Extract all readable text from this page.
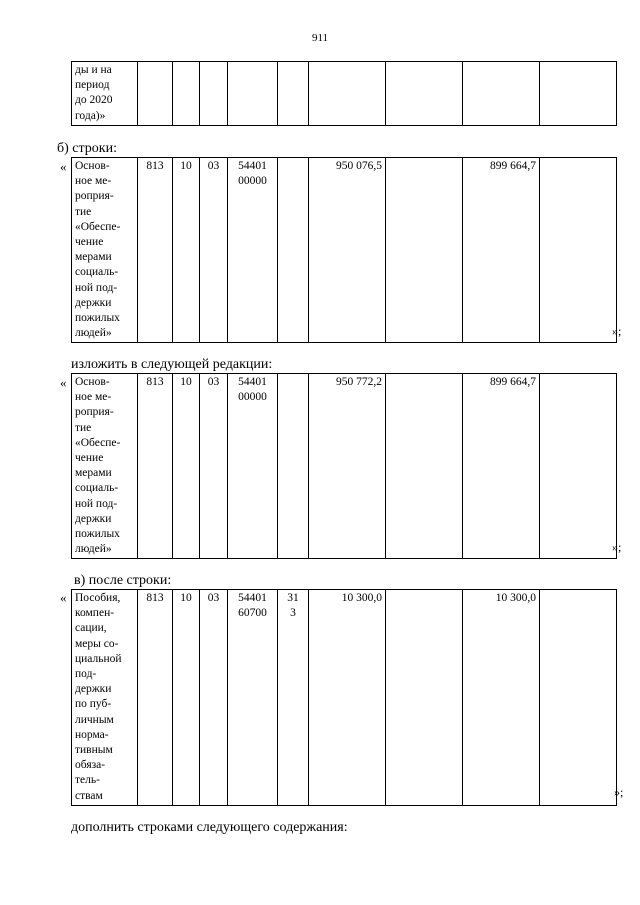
911
ды и на
период
до 2020
года)»									
б) строки:
« Основ-
ное ме-
роприя-
тие
«Обеспе-
чение
мерами
социаль-
ной под-
держки
пожилых
людей»	813	10	03	54401
00000		950 076,5		899 664,7	
»;
изложить в следующей редакции:
« Основ-
ное ме-
роприя-
тие
«Обеспе-
чение
мерами
социаль-
ной под-
держки
пожилых
людей»	813	10	03	54401
00000		950 772,2		899 664,7	
»;
в) после строки:
« Пособия,
компен-
сации,
меры со-
циальной
под-
держки
по пуб-
личным
норма-
тивным
обяза-
тель-
ствам	813	10	03	54401
60700	31
3	10 300,0		10 300,0	
»;
дополнить строками следующего содержания:
